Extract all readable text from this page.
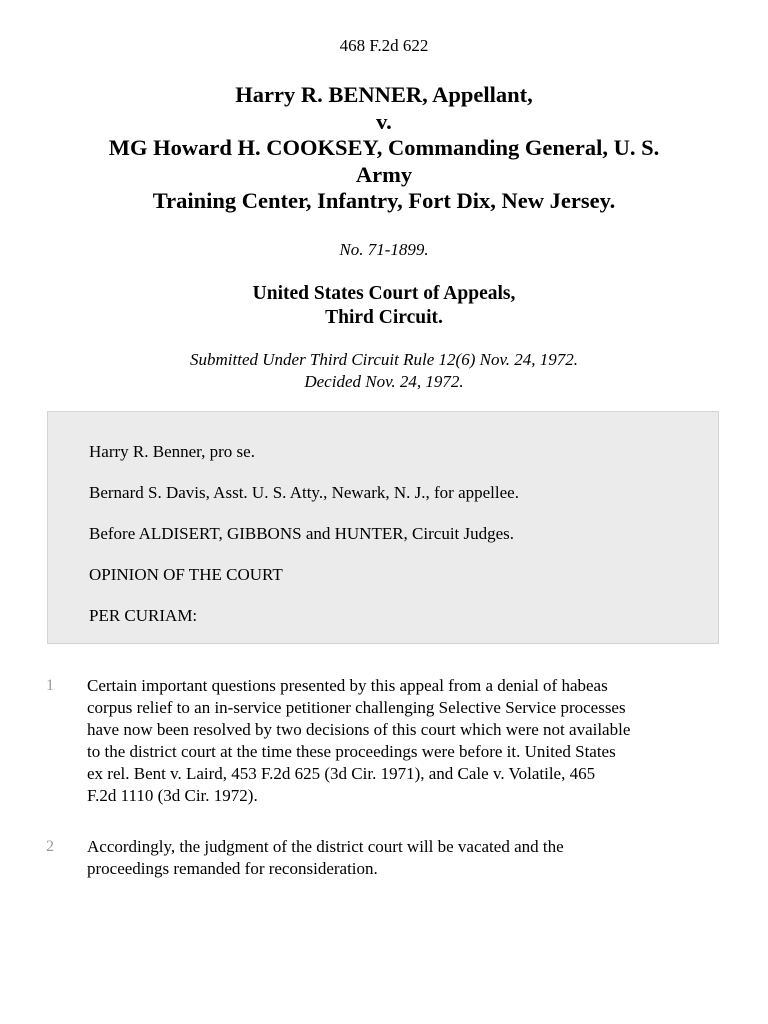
468 F.2d 622
Harry R. BENNER, Appellant,
v.
MG Howard H. COOKSEY, Commanding General, U. S.
Army
Training Center, Infantry, Fort Dix, New Jersey.
No. 71-1899.
United States Court of Appeals,
Third Circuit.
Submitted Under Third Circuit Rule 12(6) Nov. 24, 1972.
Decided Nov. 24, 1972.
Harry R. Benner, pro se.
Bernard S. Davis, Asst. U. S. Atty., Newark, N. J., for appellee.
Before ALDISERT, GIBBONS and HUNTER, Circuit Judges.
OPINION OF THE COURT
PER CURIAM:
1 Certain important questions presented by this appeal from a denial of habeas
corpus relief to an in-service petitioner challenging Selective Service processes
have now been resolved by two decisions of this court which were not available
to the district court at the time these proceedings were before it. United States
ex rel. Bent v. Laird, 453 F.2d 625 (3d Cir. 1971), and Cale v. Volatile, 465
F.2d 1110 (3d Cir. 1972).
2 Accordingly, the judgment of the district court will be vacated and the
proceedings remanded for reconsideration.
